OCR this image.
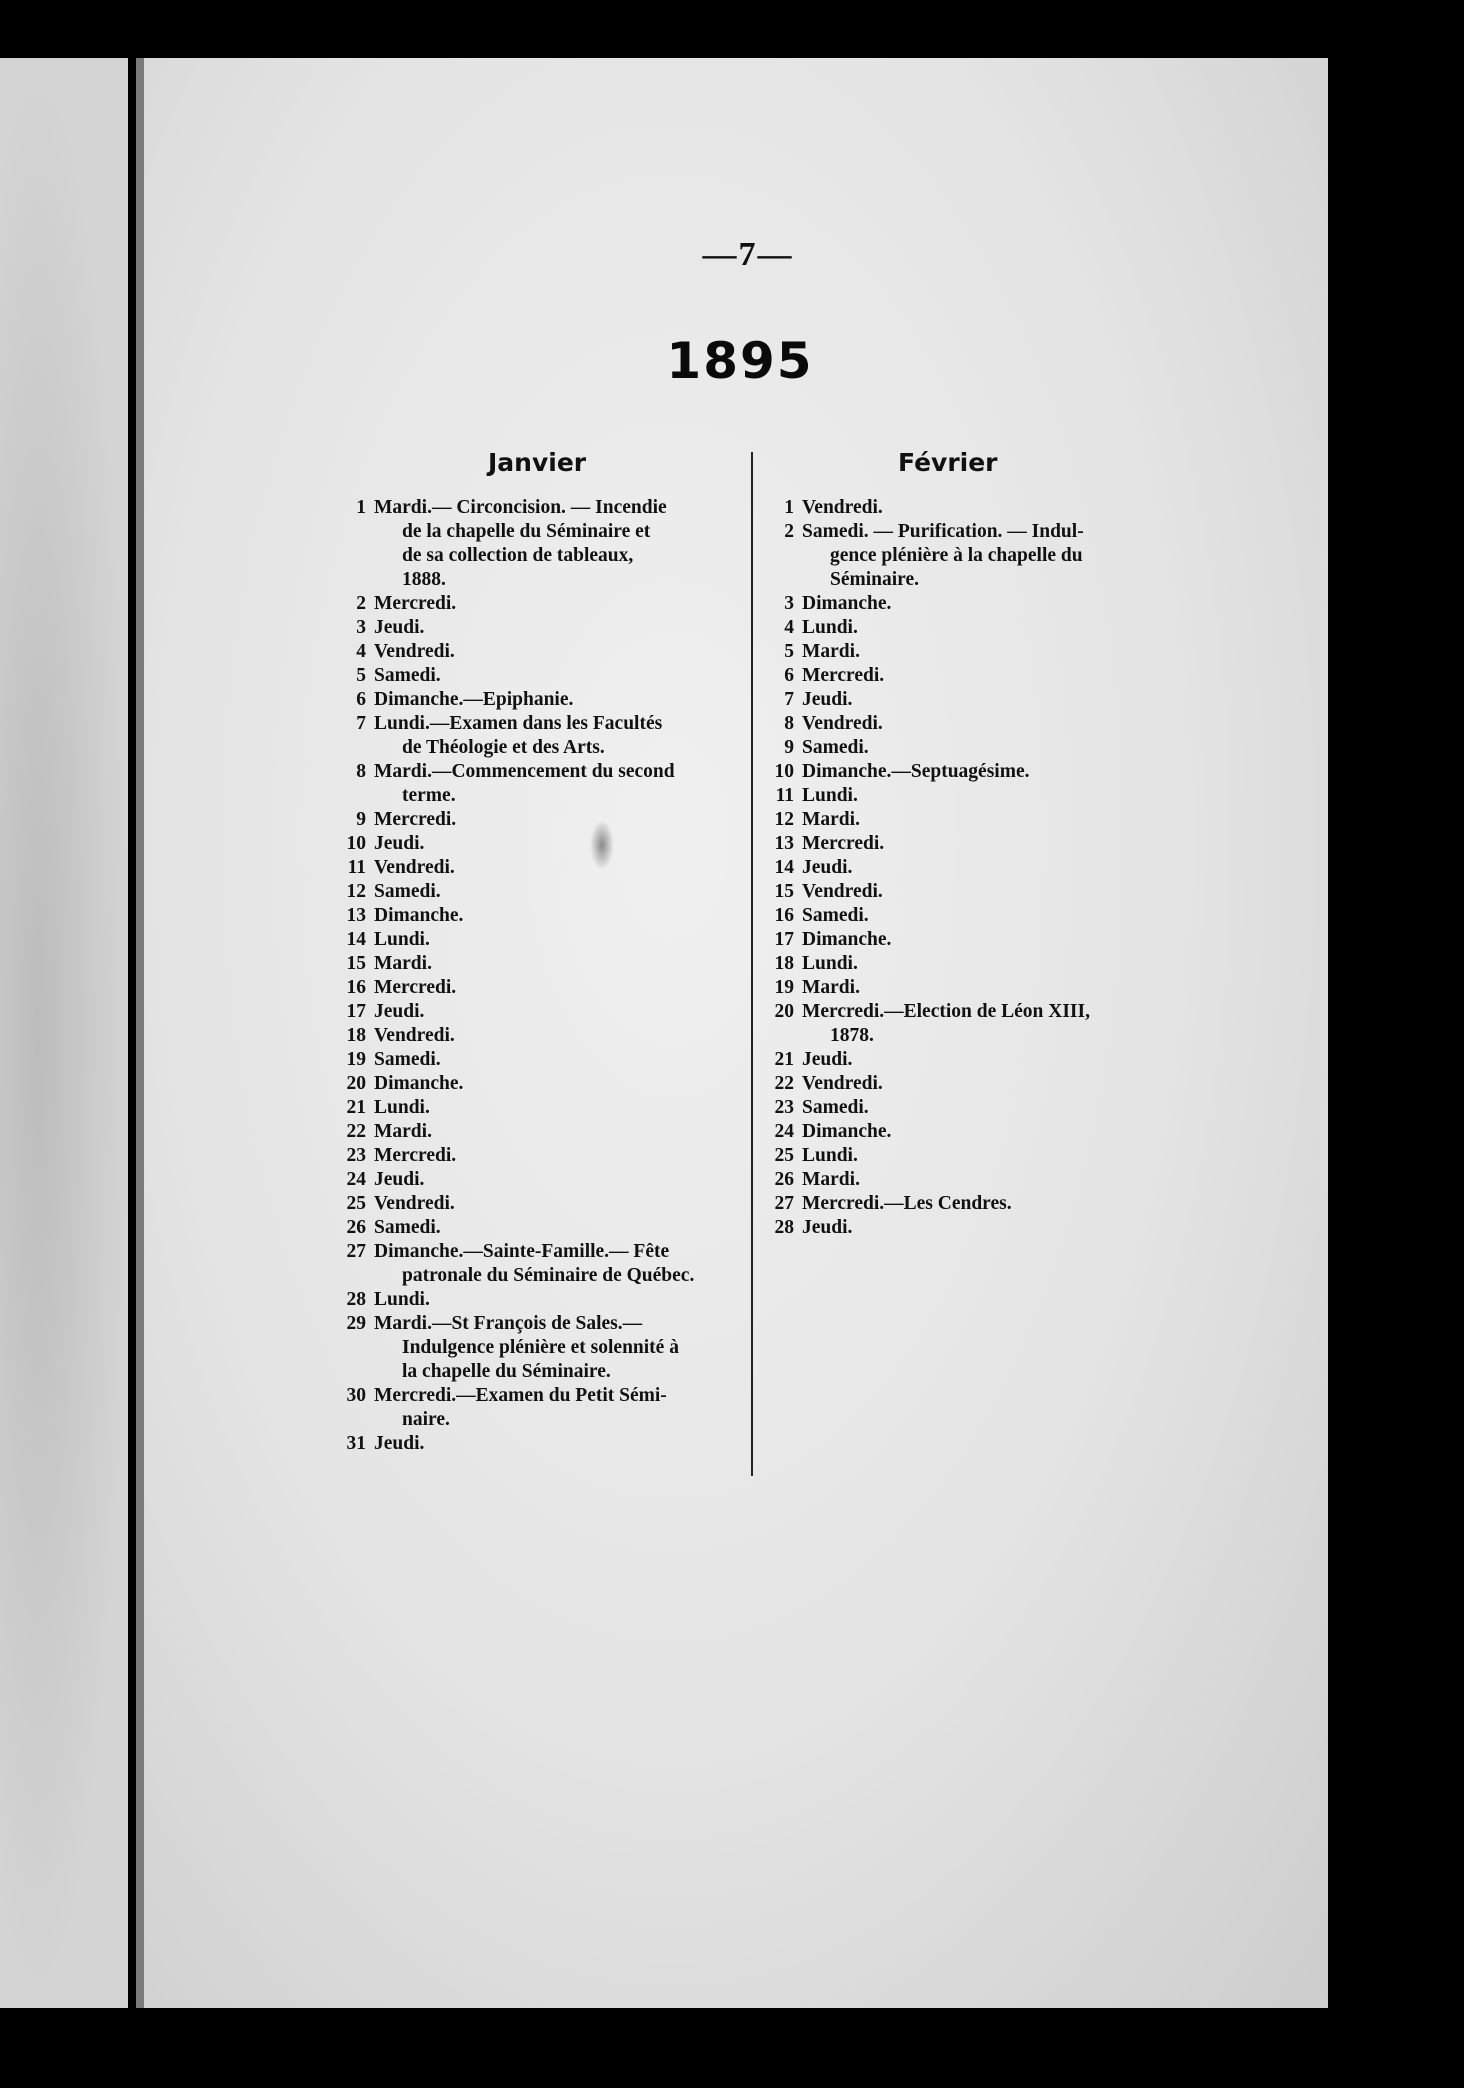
—7—
1895
Janvier	Février
1 Mardi.— Circoncision. — Incendie
de la chapelle du Séminaire et
de sa collection de tableaux,
1888.
2 Mercredi.
3 Jeudi.
4 Vendredi.
5 Samedi.
6 Dimanche.—Epiphanie.
7 Lundi.—Examen dans les Facultés
de Théologie et des Arts.
8 Mardi.—Commencement du second
terme.
9 Mercredi.
10 Jeudi.
11 Vendredi.
12 Samedi.
13 Dimanche.
14 Lundi.
15 Mardi.
16 Mercredi.
17 Jeudi.
18 Vendredi.
19 Samedi.
20 Dimanche.
21 Lundi.
22 Mardi.
23 Mercredi.
24 Jeudi.
25 Vendredi.
26 Samedi.
27 Dimanche.—Sainte-Famille.— Fête
patronale du Séminaire de Québec.
28 Lundi.
29 Mardi.—St François de Sales.—
Indulgence plénière et solennité à
la chapelle du Séminaire.
30 Mercredi.—Examen du Petit Sémi-
naire.
31 Jeudi.
1 Vendredi.
2 Samedi. — Purification. — Indul-
gence plénière à la chapelle du
Séminaire.
3 Dimanche.
4 Lundi.
5 Mardi.
6 Mercredi.
7 Jeudi.
8 Vendredi.
9 Samedi.
10 Dimanche.—Septuagésime.
11 Lundi.
12 Mardi.
13 Mercredi.
14 Jeudi.
15 Vendredi.
16 Samedi.
17 Dimanche.
18 Lundi.
19 Mardi.
20 Mercredi.—Election de Léon XIII,
1878.
21 Jeudi.
22 Vendredi.
23 Samedi.
24 Dimanche.
25 Lundi.
26 Mardi.
27 Mercredi.—Les Cendres.
28 Jeudi.
